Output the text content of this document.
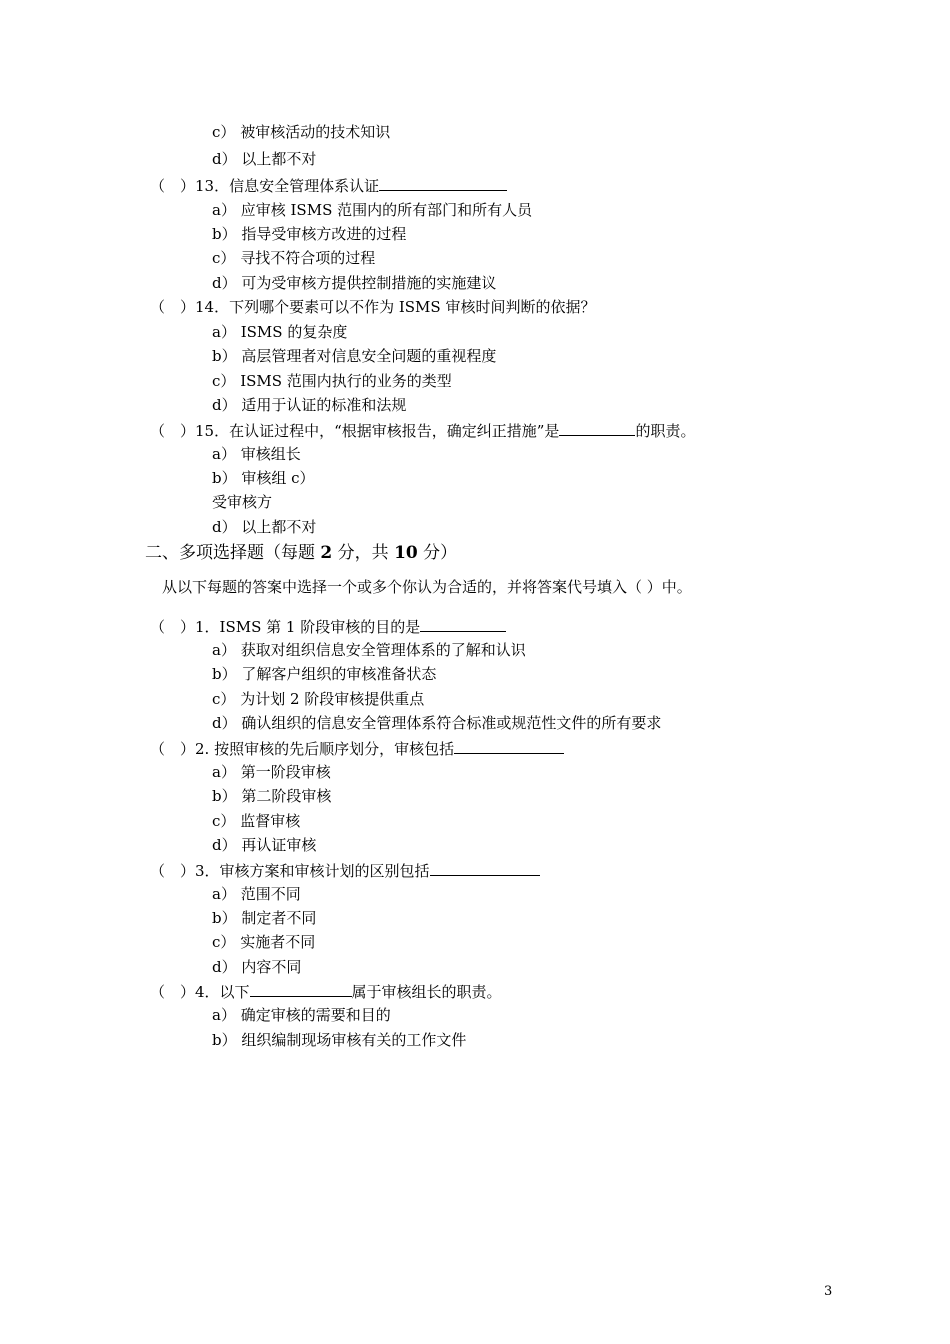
c） 被审核活动的技术知识
d） 以上都不对
（　）13．信息安全管理体系认证
a） 应审核 ISMS 范围内的所有部门和所有人员
b） 指导受审核方改进的过程
c） 寻找不符合项的过程
d） 可为受审核方提供控制措施的实施建议
（　）14．下列哪个要素可以不作为 ISMS 审核时间判断的依据？
a） ISMS 的复杂度
b） 高层管理者对信息安全问题的重视程度
c） ISMS 范围内执行的业务的类型
d） 适用于认证的标准和法规
（　）15．在认证过程中，“根据审核报告，确定纠正措施”是	的职责。
a） 审核组长
b） 审核组 c）
受审核方
d） 以上都不对
二、多项选择题（每题 2 分，共 10 分）
从以下每题的答案中选择一个或多个你认为合适的，并将答案代号填入（ ）中。
（　）1．ISMS 第 1 阶段审核的目的是
a） 获取对组织信息安全管理体系的了解和认识
b） 了解客户组织的审核准备状态
c） 为计划 2 阶段审核提供重点
d） 确认组织的信息安全管理体系符合标准或规范性文件的所有要求
（　）2. 按照审核的先后顺序划分，审核包括
a） 第一阶段审核
b） 第二阶段审核
c） 监督审核
d） 再认证审核
（　）3．审核方案和审核计划的区别包括
a） 范围不同
b） 制定者不同
c） 实施者不同
d） 内容不同
（　）4．以下	属于审核组长的职责。
a） 确定审核的需要和目的
b） 组织编制现场审核有关的工作文件
3
